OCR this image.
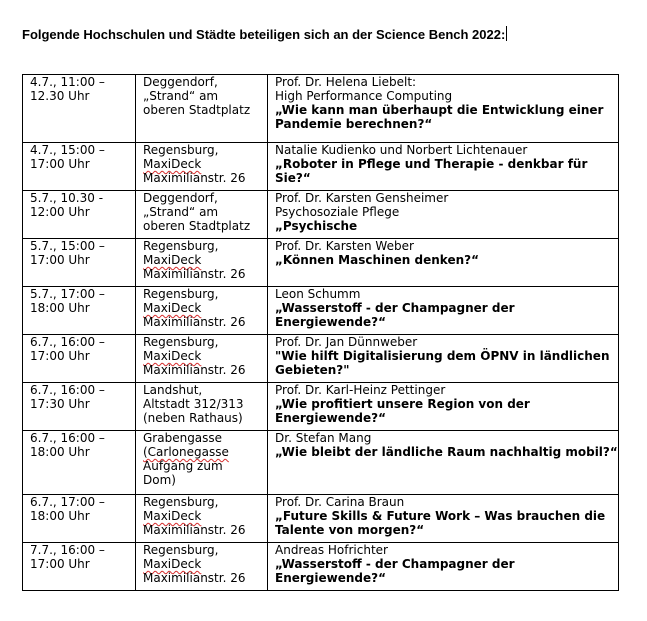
Folgende Hochschulen und Städte beteiligen sich an der Science Bench 2022:
4.7., 11:00 –
12.30 Uhr	Deggendorf,
„Strand“ am
oberen Stadtplatz	Prof. Dr. Helena Liebelt:
High Performance Computing
„Wie kann man überhaupt die Entwicklung einer Pandemie berechnen?“

4.7., 15:00 –
17:00 Uhr	Regensburg,
MaxiDeck
Maximilianstr. 26	Natalie Kudienko und Norbert Lichtenauer
„Roboter in Pflege und Therapie - denkbar für Sie?“

5.7., 10.30 -
12:00 Uhr	Deggendorf,
„Strand“ am
oberen Stadtplatz	Prof. Dr. Karsten Gensheimer
Psychosoziale Pflege
„Psychische

5.7., 15:00 –
17:00 Uhr	Regensburg,
MaxiDeck
Maximilianstr. 26	Prof. Dr. Karsten Weber
„Können Maschinen denken?“

5.7., 17:00 –
18:00 Uhr	Regensburg,
MaxiDeck
Maximilianstr. 26	Leon Schumm
„Wasserstoff - der Champagner der Energiewende?“

6.7., 16:00 –
17:00 Uhr	Regensburg,
MaxiDeck
Maximilianstr. 26	Prof. Dr. Jan Dünnweber
"Wie hilft Digitalisierung dem ÖPNV in ländlichen Gebieten?"

6.7., 16:00 –
17:30 Uhr	Landshut,
Altstadt 312/313
(neben Rathaus)	Prof. Dr. Karl-Heinz Pettinger
„Wie profitiert unsere Region von der Energiewende?“

6.7., 16:00 –
18:00 Uhr	Grabengasse
(Carlonegasse
Aufgang zum
Dom)	Dr. Stefan Mang
„Wie bleibt der ländliche Raum nachhaltig mobil?“

6.7., 17:00 –
18:00 Uhr	Regensburg,
MaxiDeck
Maximilianstr. 26	Prof. Dr. Carina Braun
„Future Skills & Future Work – Was brauchen die Talente von morgen?“

7.7., 16:00 –
17:00 Uhr	Regensburg,
MaxiDeck
Maximilianstr. 26	Andreas Hofrichter
„Wasserstoff - der Champagner der Energiewende?“
